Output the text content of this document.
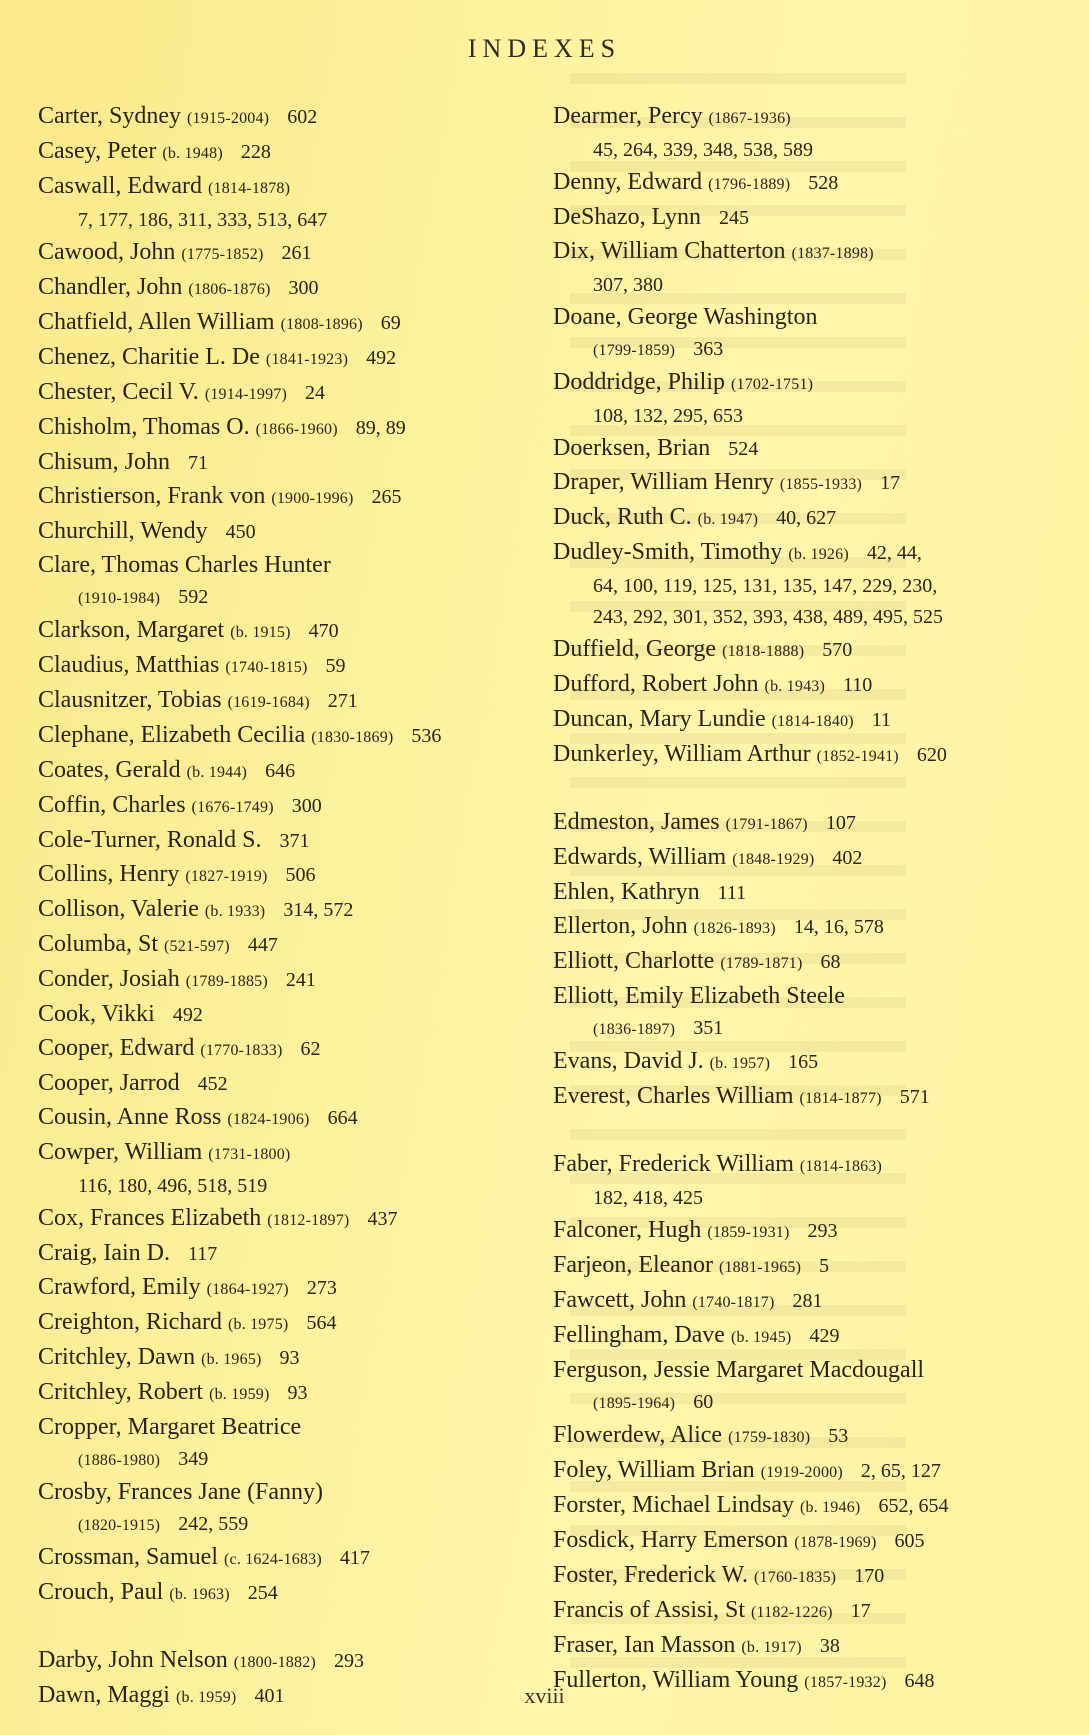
INDEXES
Carter, Sydney (1915-2004) 602
Casey, Peter (b. 1948) 228
Caswall, Edward (1814-1878)
7, 177, 186, 311, 333, 513, 647
Cawood, John (1775-1852) 261
Chandler, John (1806-1876) 300
Chatfield, Allen William (1808-1896) 69
Chenez, Charitie L. De (1841-1923) 492
Chester, Cecil V. (1914-1997) 24
Chisholm, Thomas O. (1866-1960) 89, 89
Chisum, John 71
Christierson, Frank von (1900-1996) 265
Churchill, Wendy 450
Clare, Thomas Charles Hunter
(1910-1984) 592
Clarkson, Margaret (b. 1915) 470
Claudius, Matthias (1740-1815) 59
Clausnitzer, Tobias (1619-1684) 271
Clephane, Elizabeth Cecilia (1830-1869) 536
Coates, Gerald (b. 1944) 646
Coffin, Charles (1676-1749) 300
Cole-Turner, Ronald S. 371
Collins, Henry (1827-1919) 506
Collison, Valerie (b. 1933) 314, 572
Columba, St (521-597) 447
Conder, Josiah (1789-1885) 241
Cook, Vikki 492
Cooper, Edward (1770-1833) 62
Cooper, Jarrod 452
Cousin, Anne Ross (1824-1906) 664
Cowper, William (1731-1800)
116, 180, 496, 518, 519
Cox, Frances Elizabeth (1812-1897) 437
Craig, Iain D. 117
Crawford, Emily (1864-1927) 273
Creighton, Richard (b. 1975) 564
Critchley, Dawn (b. 1965) 93
Critchley, Robert (b. 1959) 93
Cropper, Margaret Beatrice
(1886-1980) 349
Crosby, Frances Jane (Fanny)
(1820-1915) 242, 559
Crossman, Samuel (c. 1624-1683) 417
Crouch, Paul (b. 1963) 254
Darby, John Nelson (1800-1882) 293
Dawn, Maggi (b. 1959) 401
Dearmer, Percy (1867-1936)
45, 264, 339, 348, 538, 589
Denny, Edward (1796-1889) 528
DeShazo, Lynn 245
Dix, William Chatterton (1837-1898)
307, 380
Doane, George Washington
(1799-1859) 363
Doddridge, Philip (1702-1751)
108, 132, 295, 653
Doerksen, Brian 524
Draper, William Henry (1855-1933) 17
Duck, Ruth C. (b. 1947) 40, 627
Dudley-Smith, Timothy (b. 1926) 42, 44,
64, 100, 119, 125, 131, 135, 147, 229, 230,
243, 292, 301, 352, 393, 438, 489, 495, 525
Duffield, George (1818-1888) 570
Dufford, Robert John (b. 1943) 110
Duncan, Mary Lundie (1814-1840) 11
Dunkerley, William Arthur (1852-1941) 620
Edmeston, James (1791-1867) 107
Edwards, William (1848-1929) 402
Ehlen, Kathryn 111
Ellerton, John (1826-1893) 14, 16, 578
Elliott, Charlotte (1789-1871) 68
Elliott, Emily Elizabeth Steele
(1836-1897) 351
Evans, David J. (b. 1957) 165
Everest, Charles William (1814-1877) 571
Faber, Frederick William (1814-1863)
182, 418, 425
Falconer, Hugh (1859-1931) 293
Farjeon, Eleanor (1881-1965) 5
Fawcett, John (1740-1817) 281
Fellingham, Dave (b. 1945) 429
Ferguson, Jessie Margaret Macdougall
(1895-1964) 60
Flowerdew, Alice (1759-1830) 53
Foley, William Brian (1919-2000) 2, 65, 127
Forster, Michael Lindsay (b. 1946) 652, 654
Fosdick, Harry Emerson (1878-1969) 605
Foster, Frederick W. (1760-1835) 170
Francis of Assisi, St (1182-1226) 17
Fraser, Ian Masson (b. 1917) 38
Fullerton, William Young (1857-1932) 648
xviii
